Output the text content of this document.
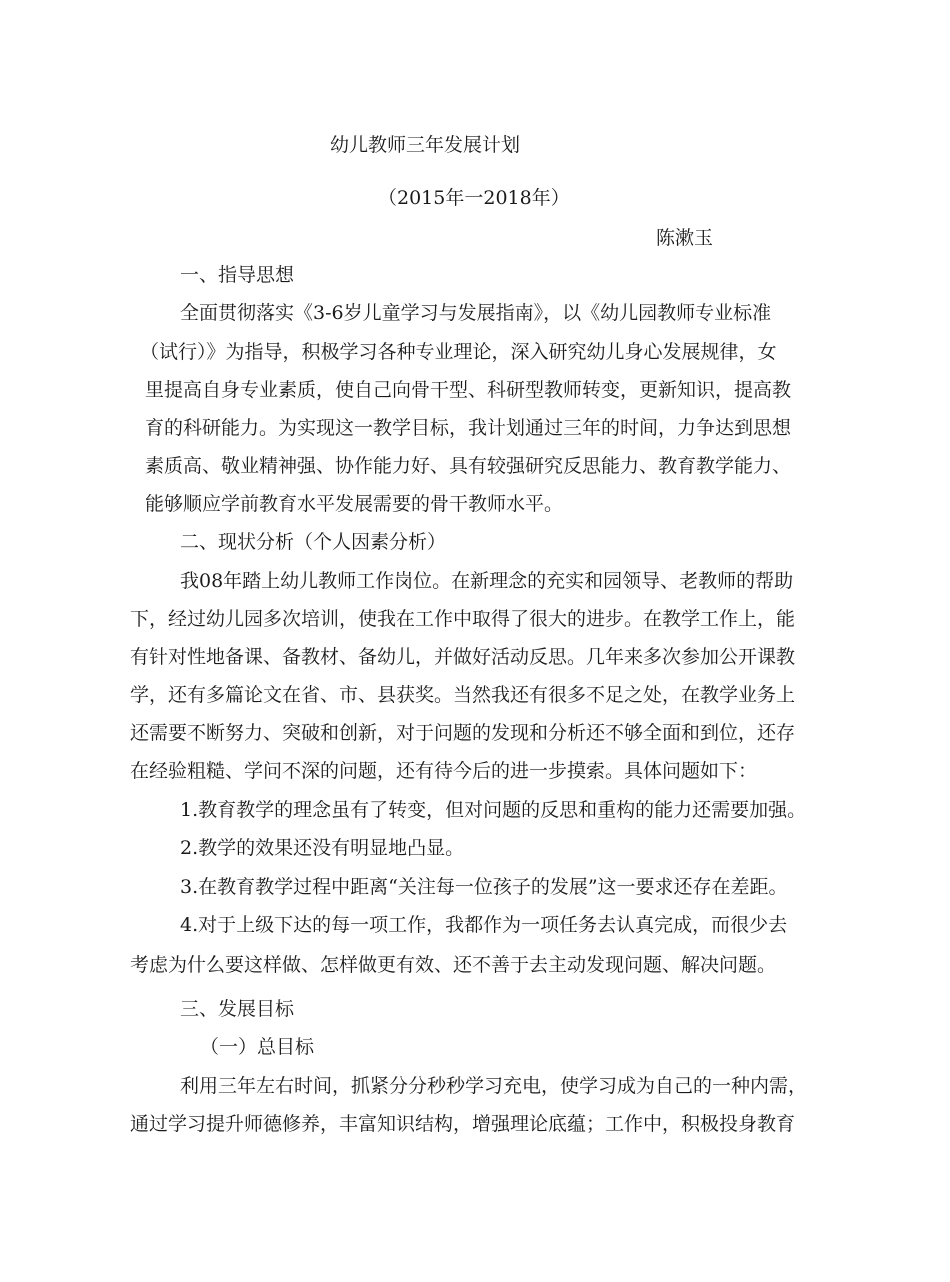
幼儿教师三年发展计划

（2015年一2018年）

陈漱玉

一、指导思想

全面贯彻落实《3-6岁儿童学习与发展指南》，以《幼儿园教师专业标准

（试行）》为指导，积极学习各种专业理论，深入研究幼儿身心发展规律，女

里提高自身专业素质，使自己向骨干型、科研型教师转变，更新知识，提高教

育的科研能力。为实现这一教学目标，我计划通过三年的时间，力争达到思想

素质高、敬业精神强、协作能力好、具有较强研究反思能力、教育教学能力、

能够顺应学前教育水平发展需要的骨干教师水平。

二、现状分析（个人因素分析）

我08年踏上幼儿教师工作岗位。在新理念的充实和园领导、老教师的帮助

下，经过幼儿园多次培训，使我在工作中取得了很大的进步。在教学工作上，能

有针对性地备课、备教材、备幼儿，并做好活动反思。几年来多次参加公开课教

学，还有多篇论文在省、市、县获奖。当然我还有很多不足之处，在教学业务上

还需要不断努力、突破和创新，对于问题的发现和分析还不够全面和到位，还存

在经验粗糙、学问不深的问题，还有待今后的进一步摸索。具体问题如下：

1.教育教学的理念虽有了转变，但对问题的反思和重构的能力还需要加强。

2.教学的效果还没有明显地凸显。

3.在教育教学过程中距离“关注每一位孩子的发展”这一要求还存在差距。

4.对于上级下达的每一项工作，我都作为一项任务去认真完成，而很少去

考虑为什么要这样做、怎样做更有效、还不善于去主动发现问题、解决问题。

三、发展目标

（一）总目标

利用三年左右时间，抓紧分分秒秒学习充电，使学习成为自己的一种内需，

通过学习提升师德修养，丰富知识结构，增强理论底蕴；工作中，积极投身教育
